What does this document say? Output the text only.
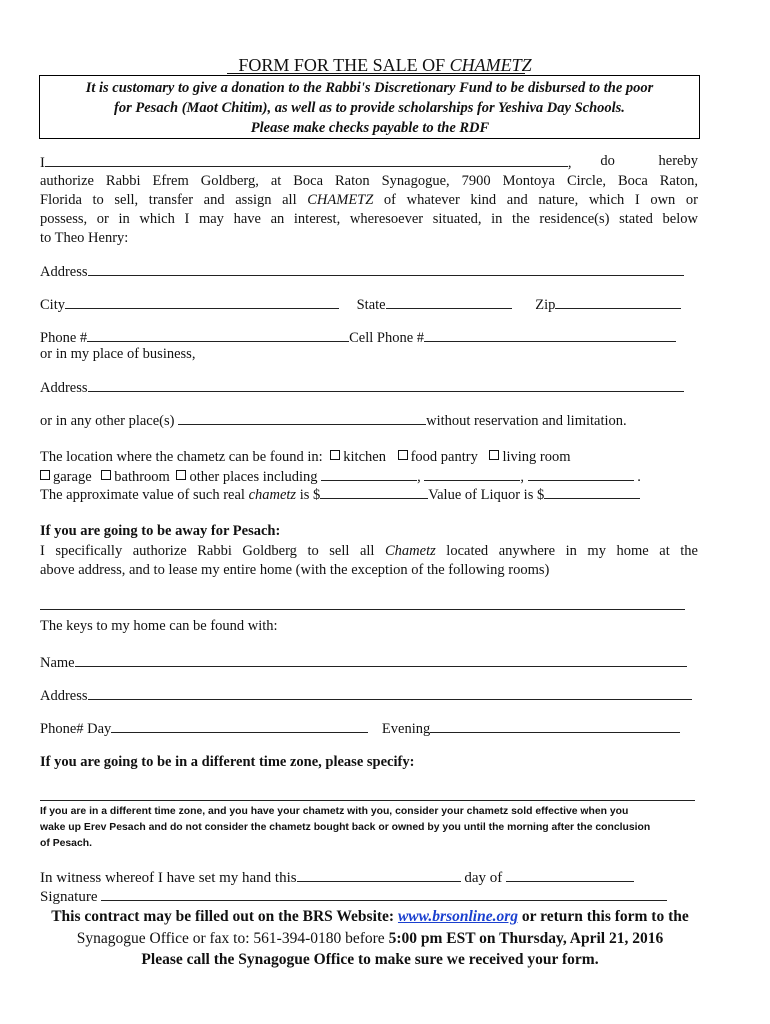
FORM FOR THE SALE OF CHAMETZ
It is customary to give a donation to the Rabbi's Discretionary Fund to be disbursed to the poor
for Pesach (Maot Chitim), as well as to provide scholarships for Yeshiva Day Schools.
Please make checks payable to the RDF
I	, do hereby
authorize Rabbi Efrem Goldberg, at Boca Raton Synagogue, 7900 Montoya Circle, Boca Raton,
Florida to sell, transfer and assign all CHAMETZ of whatever kind and nature, which I own or
possess, or in which I may have an interest, wheresoever situated, in the residence(s) stated below
to Theo Henry:
Address
City	State	Zip
Phone #	Cell Phone #
or in my place of business,
Address
or in any other place(s)	without reservation and limitation.
The location where the chametz can be found in: kitchen food pantry living room
garage bathroom other places including	,	,	.
The approximate value of such real chametz is $	Value of Liquor is $
If you are going to be away for Pesach:
I specifically authorize Rabbi Goldberg to sell all Chametz located anywhere in my home at the
above address, and to lease my entire home (with the exception of the following rooms)
The keys to my home can be found with:
Name
Address
Phone# Day	Evening
If you are going to be in a different time zone, please specify:
If you are in a different time zone, and you have your chametz with you, consider your chametz sold effective when you
wake up Erev Pesach and do not consider the chametz bought back or owned by you until the morning after the conclusion
of Pesach.
In witness whereof I have set my hand this	day of
Signature
This contract may be filled out on the BRS Website: www.brsonline.org or return this form to the
Synagogue Office or fax to: 561-394-0180 before 5:00 pm EST on Thursday, April 21, 2016
Please call the Synagogue Office to make sure we received your form.
